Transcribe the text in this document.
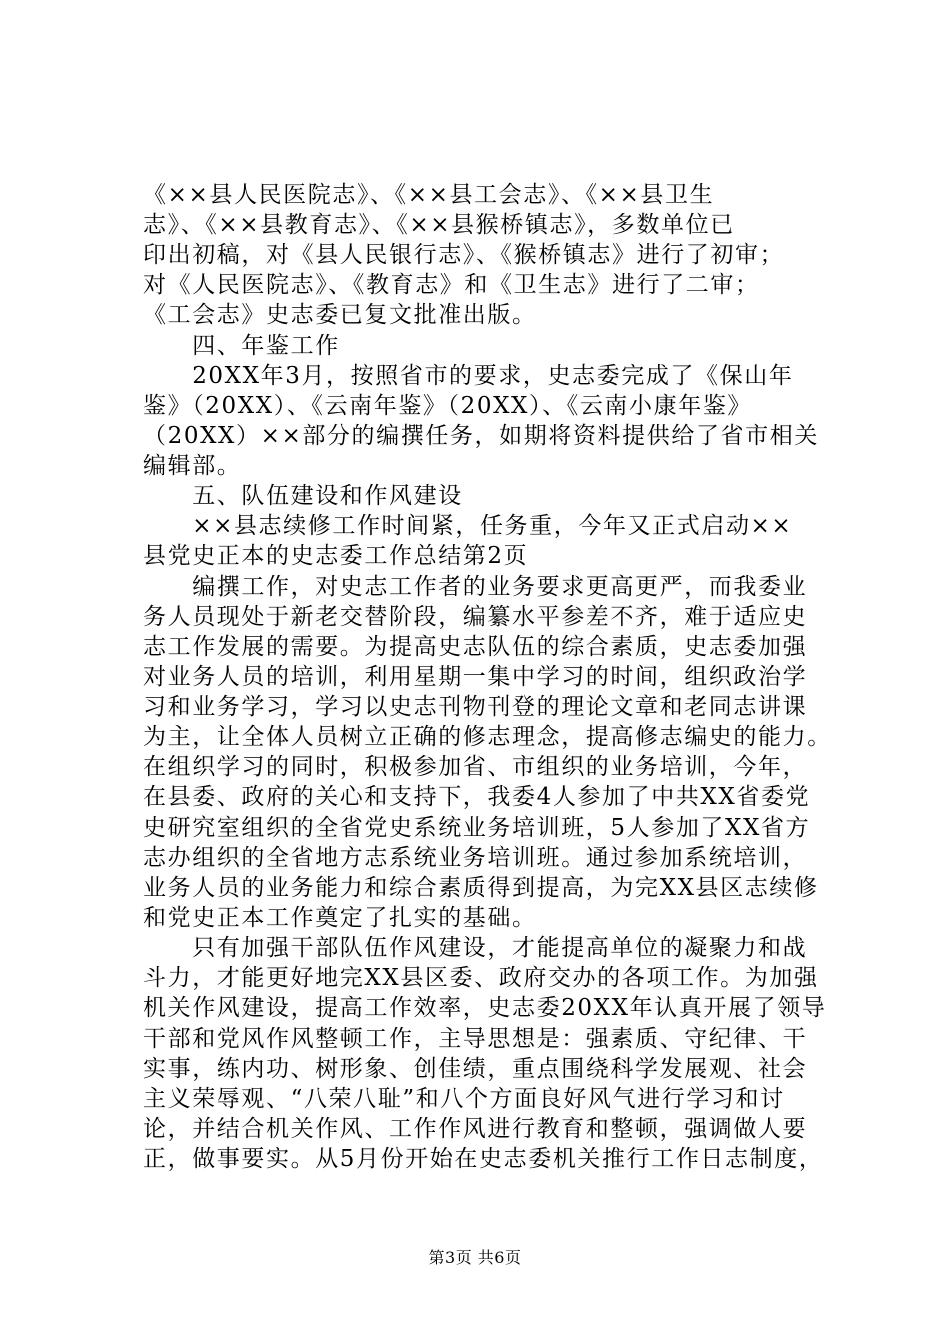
《××县人民医院志》、《××县工会志》、《××县卫生
志》、《××县教育志》、《××县猴桥镇志》，多数单位已
印出初稿，对《县人民银行志》、《猴桥镇志》进行了初审；
对《人民医院志》、《教育志》和《卫生志》进行了二审；
《工会志》史志委已复文批准出版。
　　四、年鉴工作
　　20XX年3月，按照省市的要求，史志委完成了《保山年
鉴》（20XX）、《云南年鉴》（20XX）、《云南小康年鉴》
（20XX）××部分的编撰任务，如期将资料提供给了省市相关
编辑部。
　　五、队伍建设和作风建设
　　××县志续修工作时间紧，任务重，今年又正式启动××
县党史正本的史志委工作总结第2页
　　编撰工作，对史志工作者的业务要求更高更严，而我委业
务人员现处于新老交替阶段，编纂水平参差不齐，难于适应史
志工作发展的需要。为提高史志队伍的综合素质，史志委加强
对业务人员的培训，利用星期一集中学习的时间，组织政治学
习和业务学习，学习以史志刊物刊登的理论文章和老同志讲课
为主，让全体人员树立正确的修志理念，提高修志编史的能力。
在组织学习的同时，积极参加省、市组织的业务培训，今年，
在县委、政府的关心和支持下，我委4人参加了中共XX省委党
史研究室组织的全省党史系统业务培训班，5人参加了XX省方
志办组织的全省地方志系统业务培训班。通过参加系统培训，
业务人员的业务能力和综合素质得到提高，为完XX县区志续修
和党史正本工作奠定了扎实的基础。
　　只有加强干部队伍作风建设，才能提高单位的凝聚力和战
斗力，才能更好地完XX县区委、政府交办的各项工作。为加强
机关作风建设，提高工作效率，史志委20XX年认真开展了领导
干部和党风作风整顿工作，主导思想是：强素质、守纪律、干
实事，练内功、树形象、创佳绩，重点围绕科学发展观、社会
主义荣辱观、“八荣八耻”和八个方面良好风气进行学习和讨
论，并结合机关作风、工作作风进行教育和整顿，强调做人要
正，做事要实。从5月份开始在史志委机关推行工作日志制度，
第3页 共6页
